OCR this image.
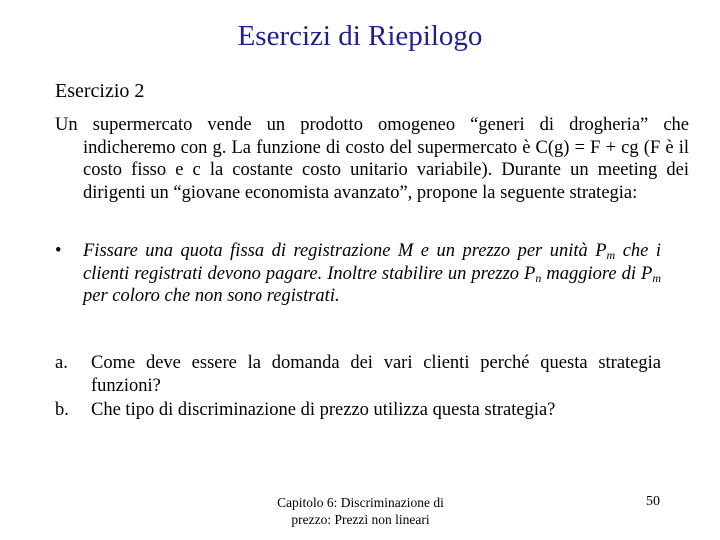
Esercizi di Riepilogo
Esercizio 2
Un supermercato vende un prodotto omogeneo “generi di drogheria” che indicheremo con g. La funzione di costo del supermercato è C(g) = F + cg (F è il costo fisso e c la costante costo unitario variabile). Durante un meeting dei dirigenti un “giovane economista avanzato”, propone la seguente strategia:
•	Fissare una quota fissa di registrazione M e un prezzo per unità $P_m$ che i clienti registrati devono pagare. Inoltre stabilire un prezzo $P_n$ maggiore di $P_m$ per coloro che non sono registrati.
a. Come deve essere la domanda dei vari clienti perché questa strategia funzioni?
b. Che tipo di discriminazione di prezzo utilizza questa strategia?
Capitolo 6: Discriminazione di
prezzo: Prezzi non lineari
50
